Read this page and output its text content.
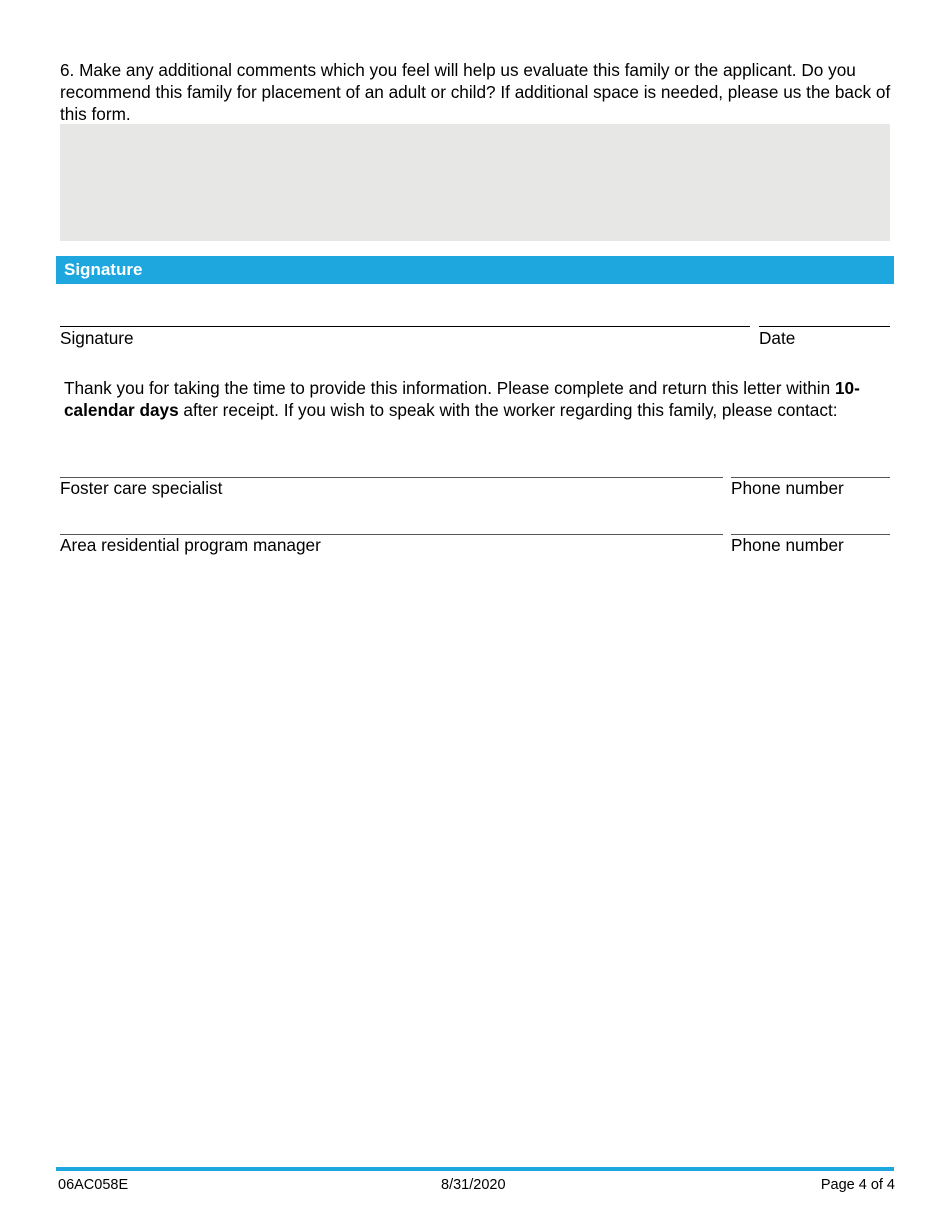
6. Make any additional comments which you feel will help us evaluate this family or the applicant. Do you recommend this family for placement of an adult or child? If additional space is needed, please us the back of this form.

Signature
Signature	Date

Thank you for taking the time to provide this information. Please complete and return this letter within 10-calendar days after receipt. If you wish to speak with the worker regarding this family, please contact:

Foster care specialist	Phone number
Area residential program manager	Phone number
06AC058E	8/31/2020	Page 4 of 4
